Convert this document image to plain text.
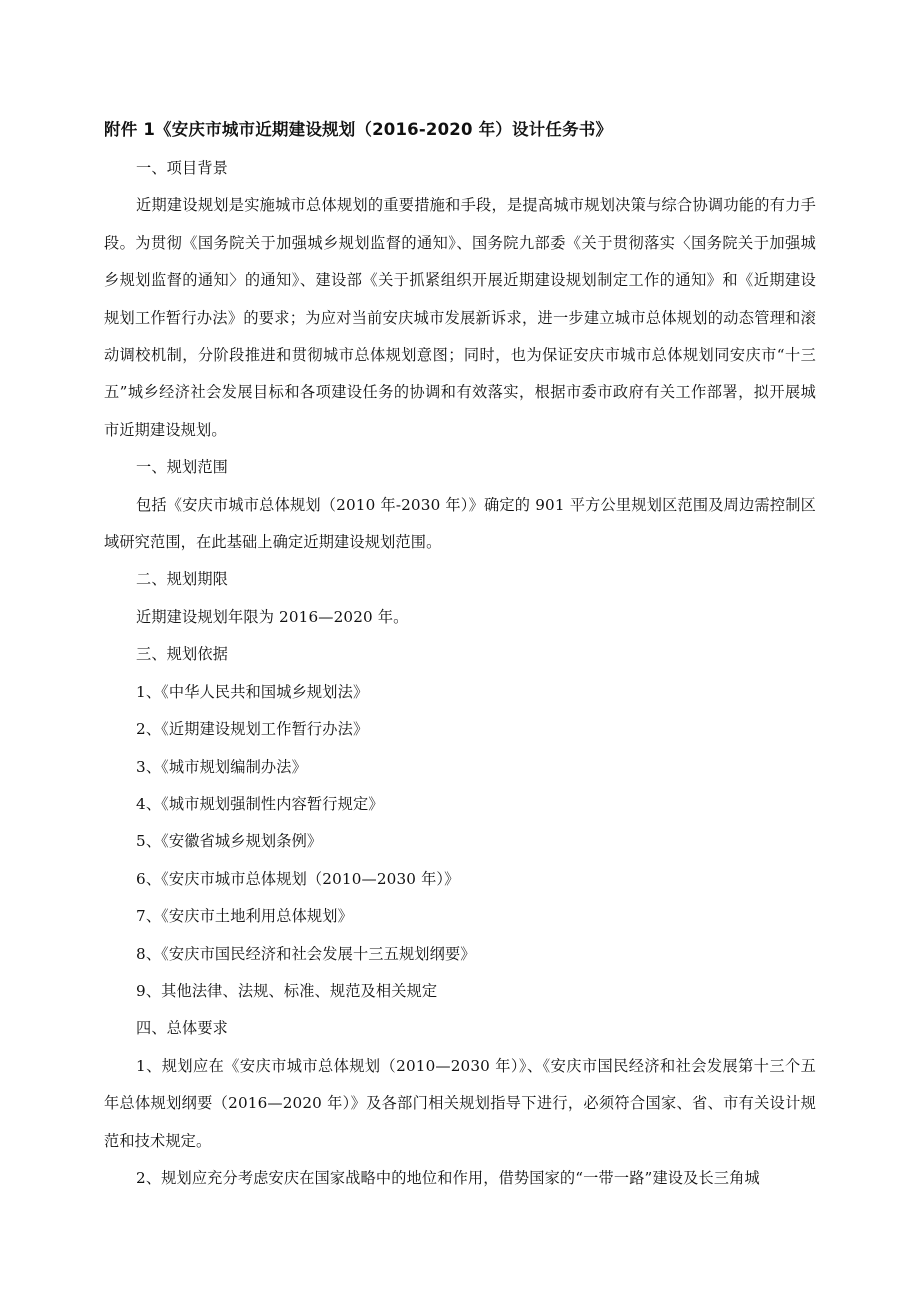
附件 1《安庆市城市近期建设规划（2016-2020 年）设计任务书》

一、项目背景

近期建设规划是实施城市总体规划的重要措施和手段，是提高城市规划决策与综合协调功能的有力手段。为贯彻《国务院关于加强城乡规划监督的通知》、国务院九部委《关于贯彻落实〈国务院关于加强城乡规划监督的通知〉的通知》、建设部《关于抓紧组织开展近期建设规划制定工作的通知》和《近期建设规划工作暂行办法》的要求；为应对当前安庆城市发展新诉求，进一步建立城市总体规划的动态管理和滚动调校机制，分阶段推进和贯彻城市总体规划意图；同时，也为保证安庆市城市总体规划同安庆市“十三五”城乡经济社会发展目标和各项建设任务的协调和有效落实，根据市委市政府有关工作部署，拟开展城市近期建设规划。

一、规划范围

包括《安庆市城市总体规划（2010 年-2030 年）》确定的 901 平方公里规划区范围及周边需控制区域研究范围，在此基础上确定近期建设规划范围。

二、规划期限

近期建设规划年限为 2016—2020 年。

三、规划依据

1、《中华人民共和国城乡规划法》

2、《近期建设规划工作暂行办法》

3、《城市规划编制办法》

4、《城市规划强制性内容暂行规定》

5、《安徽省城乡规划条例》

6、《安庆市城市总体规划（2010—2030 年）》

7、《安庆市土地利用总体规划》

8、《安庆市国民经济和社会发展十三五规划纲要》

9、其他法律、法规、标准、规范及相关规定

四、总体要求

1、规划应在《安庆市城市总体规划（2010—2030 年）》、《安庆市国民经济和社会发展第十三个五年总体规划纲要（2016—2020 年）》及各部门相关规划指导下进行，必须符合国家、省、市有关设计规范和技术规定。

2、规划应充分考虑安庆在国家战略中的地位和作用，借势国家的“一带一路”建设及长三角城
